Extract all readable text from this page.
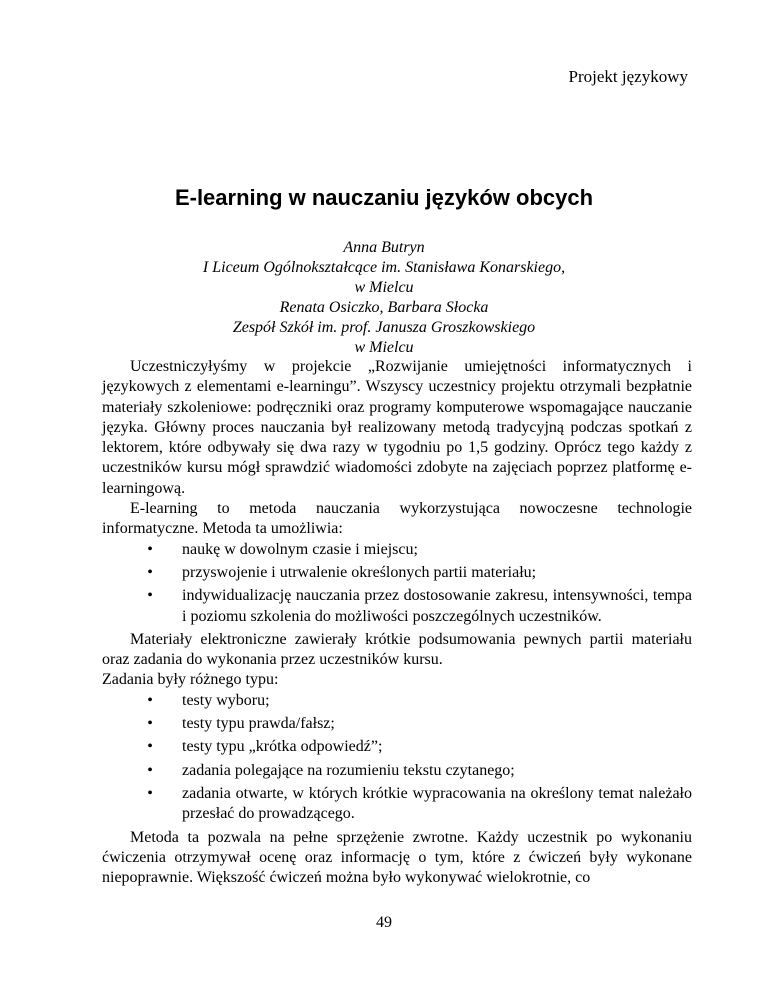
Projekt językowy
E-learning w nauczaniu języków obcych
Anna Butryn
I Liceum Ogólnokształcące im. Stanisława Konarskiego,
w Mielcu
Renata Osiczko, Barbara Słocka
Zespół Szkół im. prof. Janusza Groszkowskiego
w Mielcu

Uczestniczyłyśmy w projekcie „Rozwijanie umiejętności informatycznych i językowych z elementami e-learningu”. Wszyscy uczestnicy projektu otrzymali bezpłatnie materiały szkoleniowe: podręczniki oraz programy komputerowe wspomagające nauczanie języka. Główny proces nauczania był realizowany metodą tradycyjną podczas spotkań z lektorem, które odbywały się dwa razy w tygodniu po 1,5 godziny. Oprócz tego każdy z uczestników kursu mógł sprawdzić wiadomości zdobyte na zajęciach poprzez platformę e-learningową.

E-learning to metoda nauczania wykorzystująca nowoczesne technologie informatyczne. Metoda ta umożliwia:

•	naukę w dowolnym czasie i miejscu;
•	przyswojenie i utrwalenie określonych partii materiału;
•	indywidualizację nauczania przez dostosowanie zakresu, intensywności, tempa i poziomu szkolenia do możliwości poszczególnych uczestników.

Materiały elektroniczne zawierały krótkie podsumowania pewnych partii materiału oraz zadania do wykonania przez uczestników kursu.

Zadania były różnego typu:

•	testy wyboru;
•	testy typu prawda/fałsz;
•	testy typu „krótka odpowiedź”;
•	zadania polegające na rozumieniu tekstu czytanego;
•	zadania otwarte, w których krótkie wypracowania na określony temat należało przesłać do prowadzącego.

Metoda ta pozwala na pełne sprzężenie zwrotne. Każdy uczestnik po wykonaniu ćwiczenia otrzymywał ocenę oraz informację o tym, które z ćwiczeń były wykonane niepoprawnie. Większość ćwiczeń można było wykonywać wielokrotnie, co

49
